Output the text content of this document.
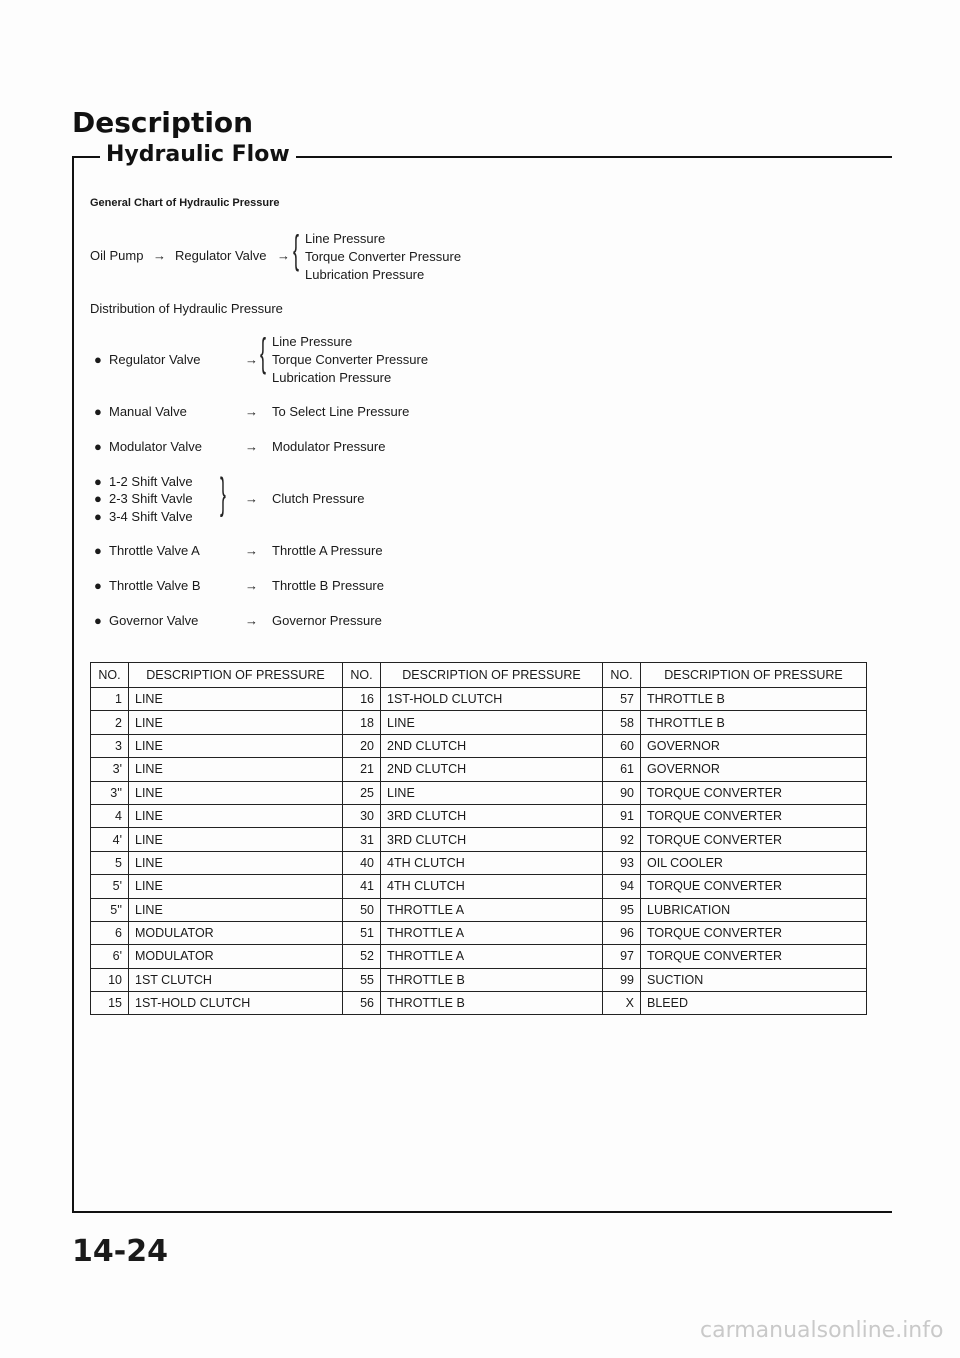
Description
Hydraulic Flow
General Chart of Hydraulic Pressure
Oil Pump → Regulator Valve → { Line Pressure
Torque Converter Pressure
Lubrication Pressure
Distribution of Hydraulic Pressure
● Regulator Valve	→ { Line Pressure
Torque Converter Pressure
Lubrication Pressure
● Manual Valve	→ To Select Line Pressure
● Modulator Valve	→ Modulator Pressure
● 1-2 Shift Valve
● 2-3 Shift Vavle
● 3-4 Shift Valve } → Clutch Pressure
● Throttle Valve A	→ Throttle A Pressure
● Throttle Valve B	→ Throttle B Pressure
● Governor Valve	→ Governor Pressure
NO.	DESCRIPTION OF PRESSURE	NO.	DESCRIPTION OF PRESSURE	NO.	DESCRIPTION OF PRESSURE
1	LINE	16	1ST-HOLD CLUTCH	57	THROTTLE B
2	LINE	18	LINE	58	THROTTLE B
3	LINE	20	2ND CLUTCH	60	GOVERNOR
3'	LINE	21	2ND CLUTCH	61	GOVERNOR
3''	LINE	25	LINE	90	TORQUE CONVERTER
4	LINE	30	3RD CLUTCH	91	TORQUE CONVERTER
4'	LINE	31	3RD CLUTCH	92	TORQUE CONVERTER
5	LINE	40	4TH CLUTCH	93	OIL COOLER
5'	LINE	41	4TH CLUTCH	94	TORQUE CONVERTER
5''	LINE	50	THROTTLE A	95	LUBRICATION
6	MODULATOR	51	THROTTLE A	96	TORQUE CONVERTER
6'	MODULATOR	52	THROTTLE A	97	TORQUE CONVERTER
10	1ST CLUTCH	55	THROTTLE B	99	SUCTION
15	1ST-HOLD CLUTCH	56	THROTTLE B	X	BLEED
14-24
carmanualsonline.info
